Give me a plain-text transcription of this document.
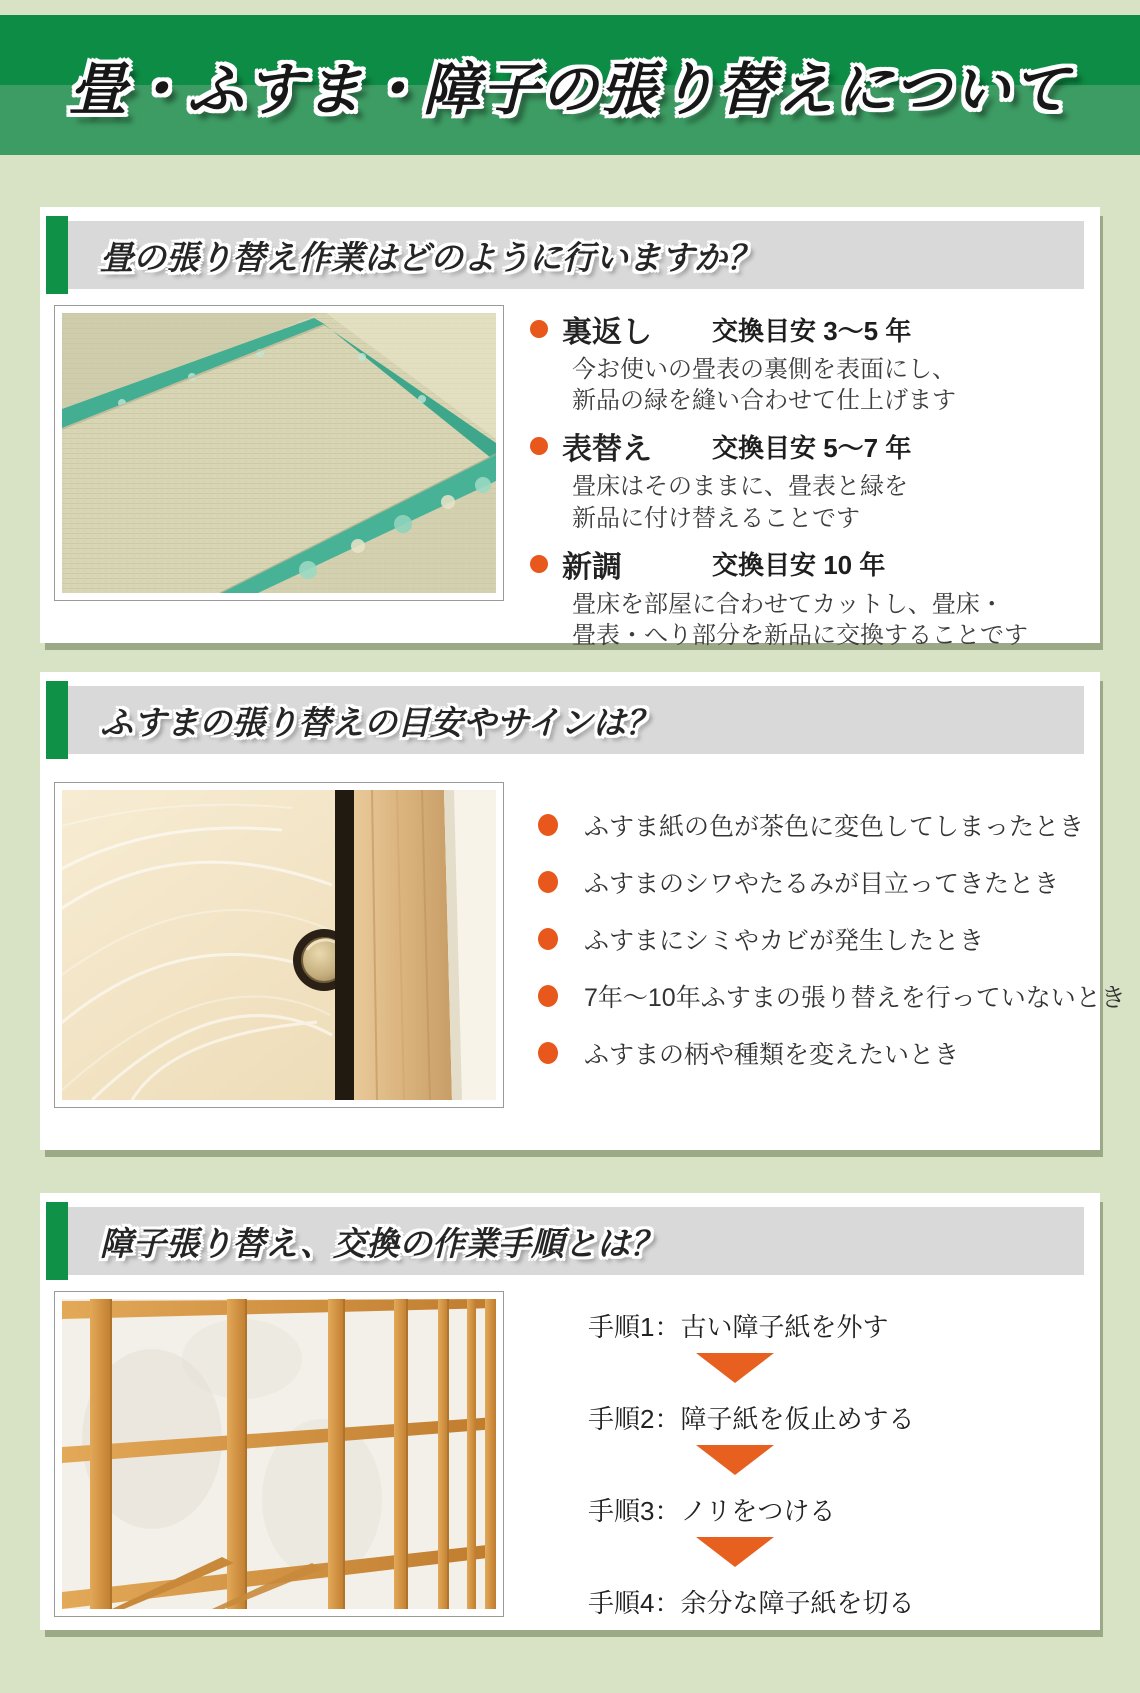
畳・ふすま・障子の張り替えについて
畳の張り替え作業はどのように行いますか？
裏返し	交換目安 3～5 年
今お使いの畳表の裏側を表面にし、
新品の緑を縫い合わせて仕上げます
表替え	交換目安 5～7 年
畳床はそのままに、畳表と緑を
新品に付け替えることです
新調	交換目安 10 年
畳床を部屋に合わせてカットし、畳床・
畳表・へり部分を新品に交換することです
ふすまの張り替えの目安やサインは？
ふすま紙の色が茶色に変色してしまったとき
ふすまのシワやたるみが目立ってきたとき
ふすまにシミやカビが発生したとき
7年～10年ふすまの張り替えを行っていないとき
ふすまの柄や種類を変えたいとき
障子張り替え、交換の作業手順とは？
手順1：古い障子紙を外す
手順2：障子紙を仮止めする
手順3：ノリをつける
手順4：余分な障子紙を切る
